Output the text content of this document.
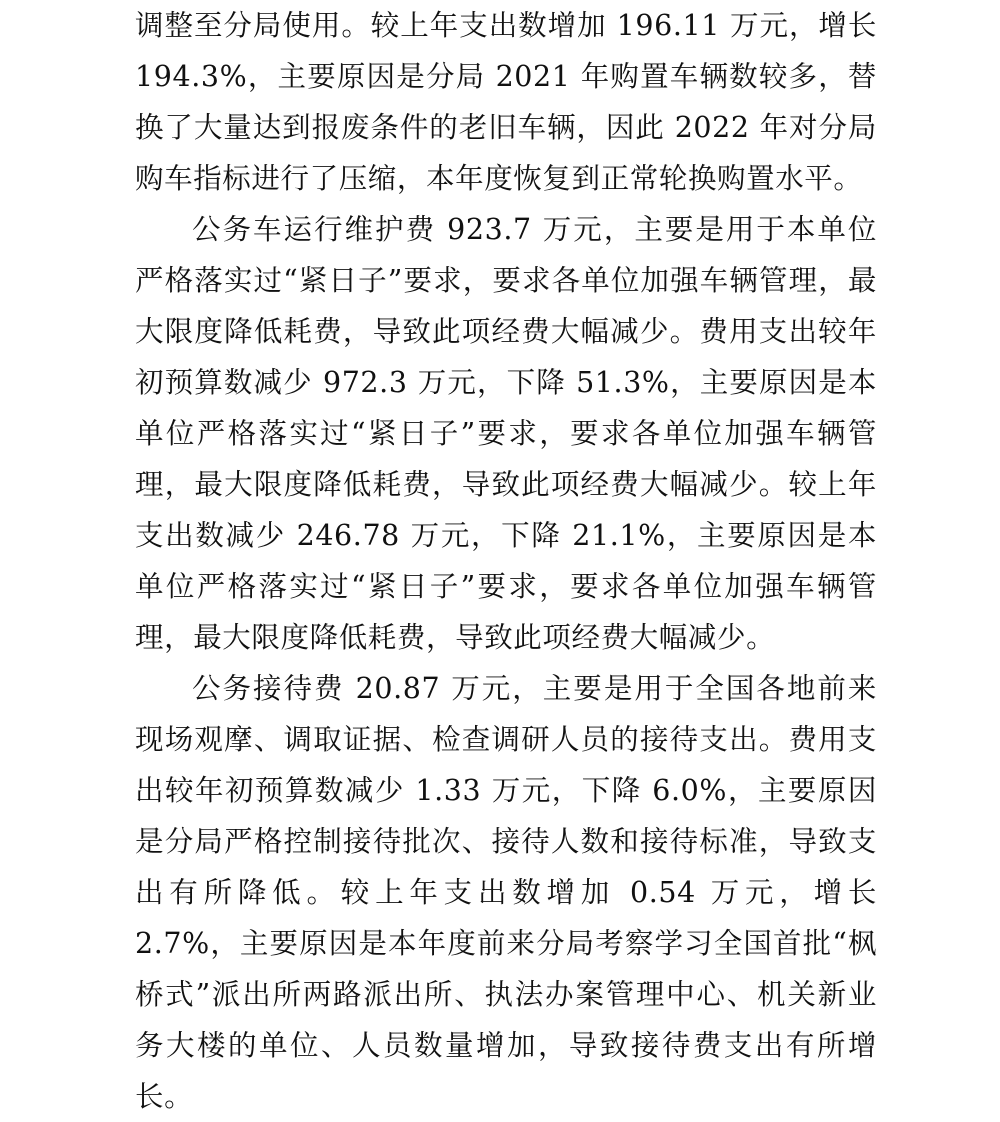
调整至分局使用。较上年支出数增加 196.11 万元，增长 194.3%，主要原因是分局 2021 年购置车辆数较多，替换了大量达到报废条件的老旧车辆，因此 2022 年对分局购车指标进行了压缩，本年度恢复到正常轮换购置水平。

公务车运行维护费 923.7 万元，主要是用于本单位严格落实过“紧日子”要求，要求各单位加强车辆管理，最大限度降低耗费，导致此项经费大幅减少。费用支出较年初预算数减少 972.3 万元，下降 51.3%，主要原因是本单位严格落实过“紧日子”要求，要求各单位加强车辆管理，最大限度降低耗费，导致此项经费大幅减少。较上年支出数减少 246.78 万元，下降 21.1%，主要原因是本单位严格落实过“紧日子”要求，要求各单位加强车辆管理，最大限度降低耗费，导致此项经费大幅减少。

公务接待费 20.87 万元，主要是用于全国各地前来现场观摩、调取证据、检查调研人员的接待支出。费用支出较年初预算数减少 1.33 万元，下降 6.0%，主要原因是分局严格控制接待批次、接待人数和接待标准，导致支出有所降低。较上年支出数增加 0.54 万元，增长 2.7%，主要原因是本年度前来分局考察学习全国首批“枫桥式”派出所两路派出所、执法办案管理中心、机关新业务大楼的单位、人员数量增加，导致接待费支出有所增长。
